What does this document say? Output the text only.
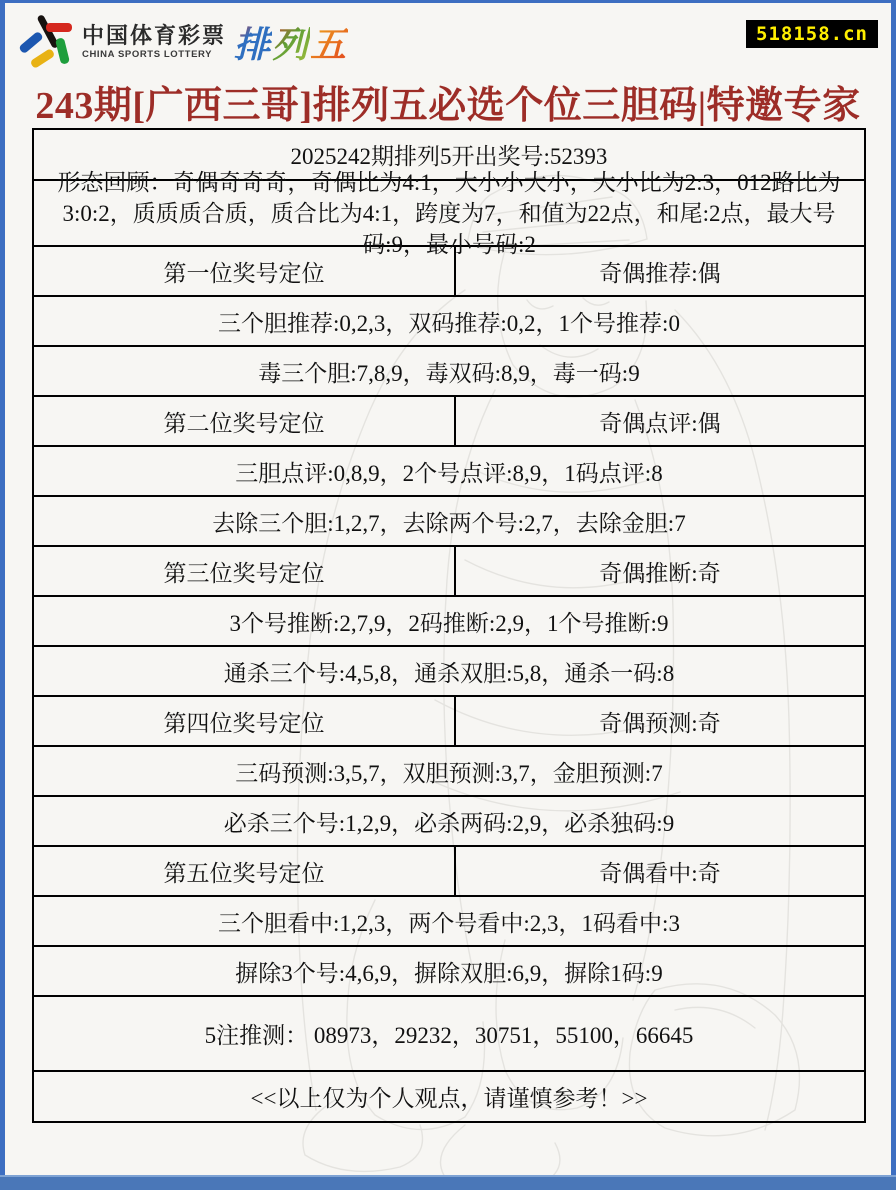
中国体育彩票
CHINA SPORTS LOTTERY 排 列 五	518158.cn
243期[广西三哥]排列五必选个位三胆码|特邀专家
2025242期排列5开出奖号:52393
形态回顾：奇偶奇奇奇，奇偶比为4:1，大小小大小，大小比为2:3，012路比为3:0:2，质质质合质，质合比为4:1，跨度为7，和值为22点，和尾:2点，最大号码:9，最小号码:2
第一位奖号定位	奇偶推荐:偶
三个胆推荐:0,2,3，双码推荐:0,2，1个号推荐:0
毒三个胆:7,8,9，毒双码:8,9，毒一码:9
第二位奖号定位	奇偶点评:偶
三胆点评:0,8,9，2个号点评:8,9，1码点评:8
去除三个胆:1,2,7，去除两个号:2,7，去除金胆:7
第三位奖号定位	奇偶推断:奇
3个号推断:2,7,9，2码推断:2,9，1个号推断:9
通杀三个号:4,5,8，通杀双胆:5,8，通杀一码:8
第四位奖号定位	奇偶预测:奇
三码预测:3,5,7，双胆预测:3,7，金胆预测:7
必杀三个号:1,2,9，必杀两码:2,9，必杀独码:9
第五位奖号定位	奇偶看中:奇
三个胆看中:1,2,3，两个号看中:2,3，1码看中:3
摒除3个号:4,6,9，摒除双胆:6,9，摒除1码:9
5注推测： 08973，29232，30751，55100，66645
<<以上仅为个人观点，请谨慎参考！>>
